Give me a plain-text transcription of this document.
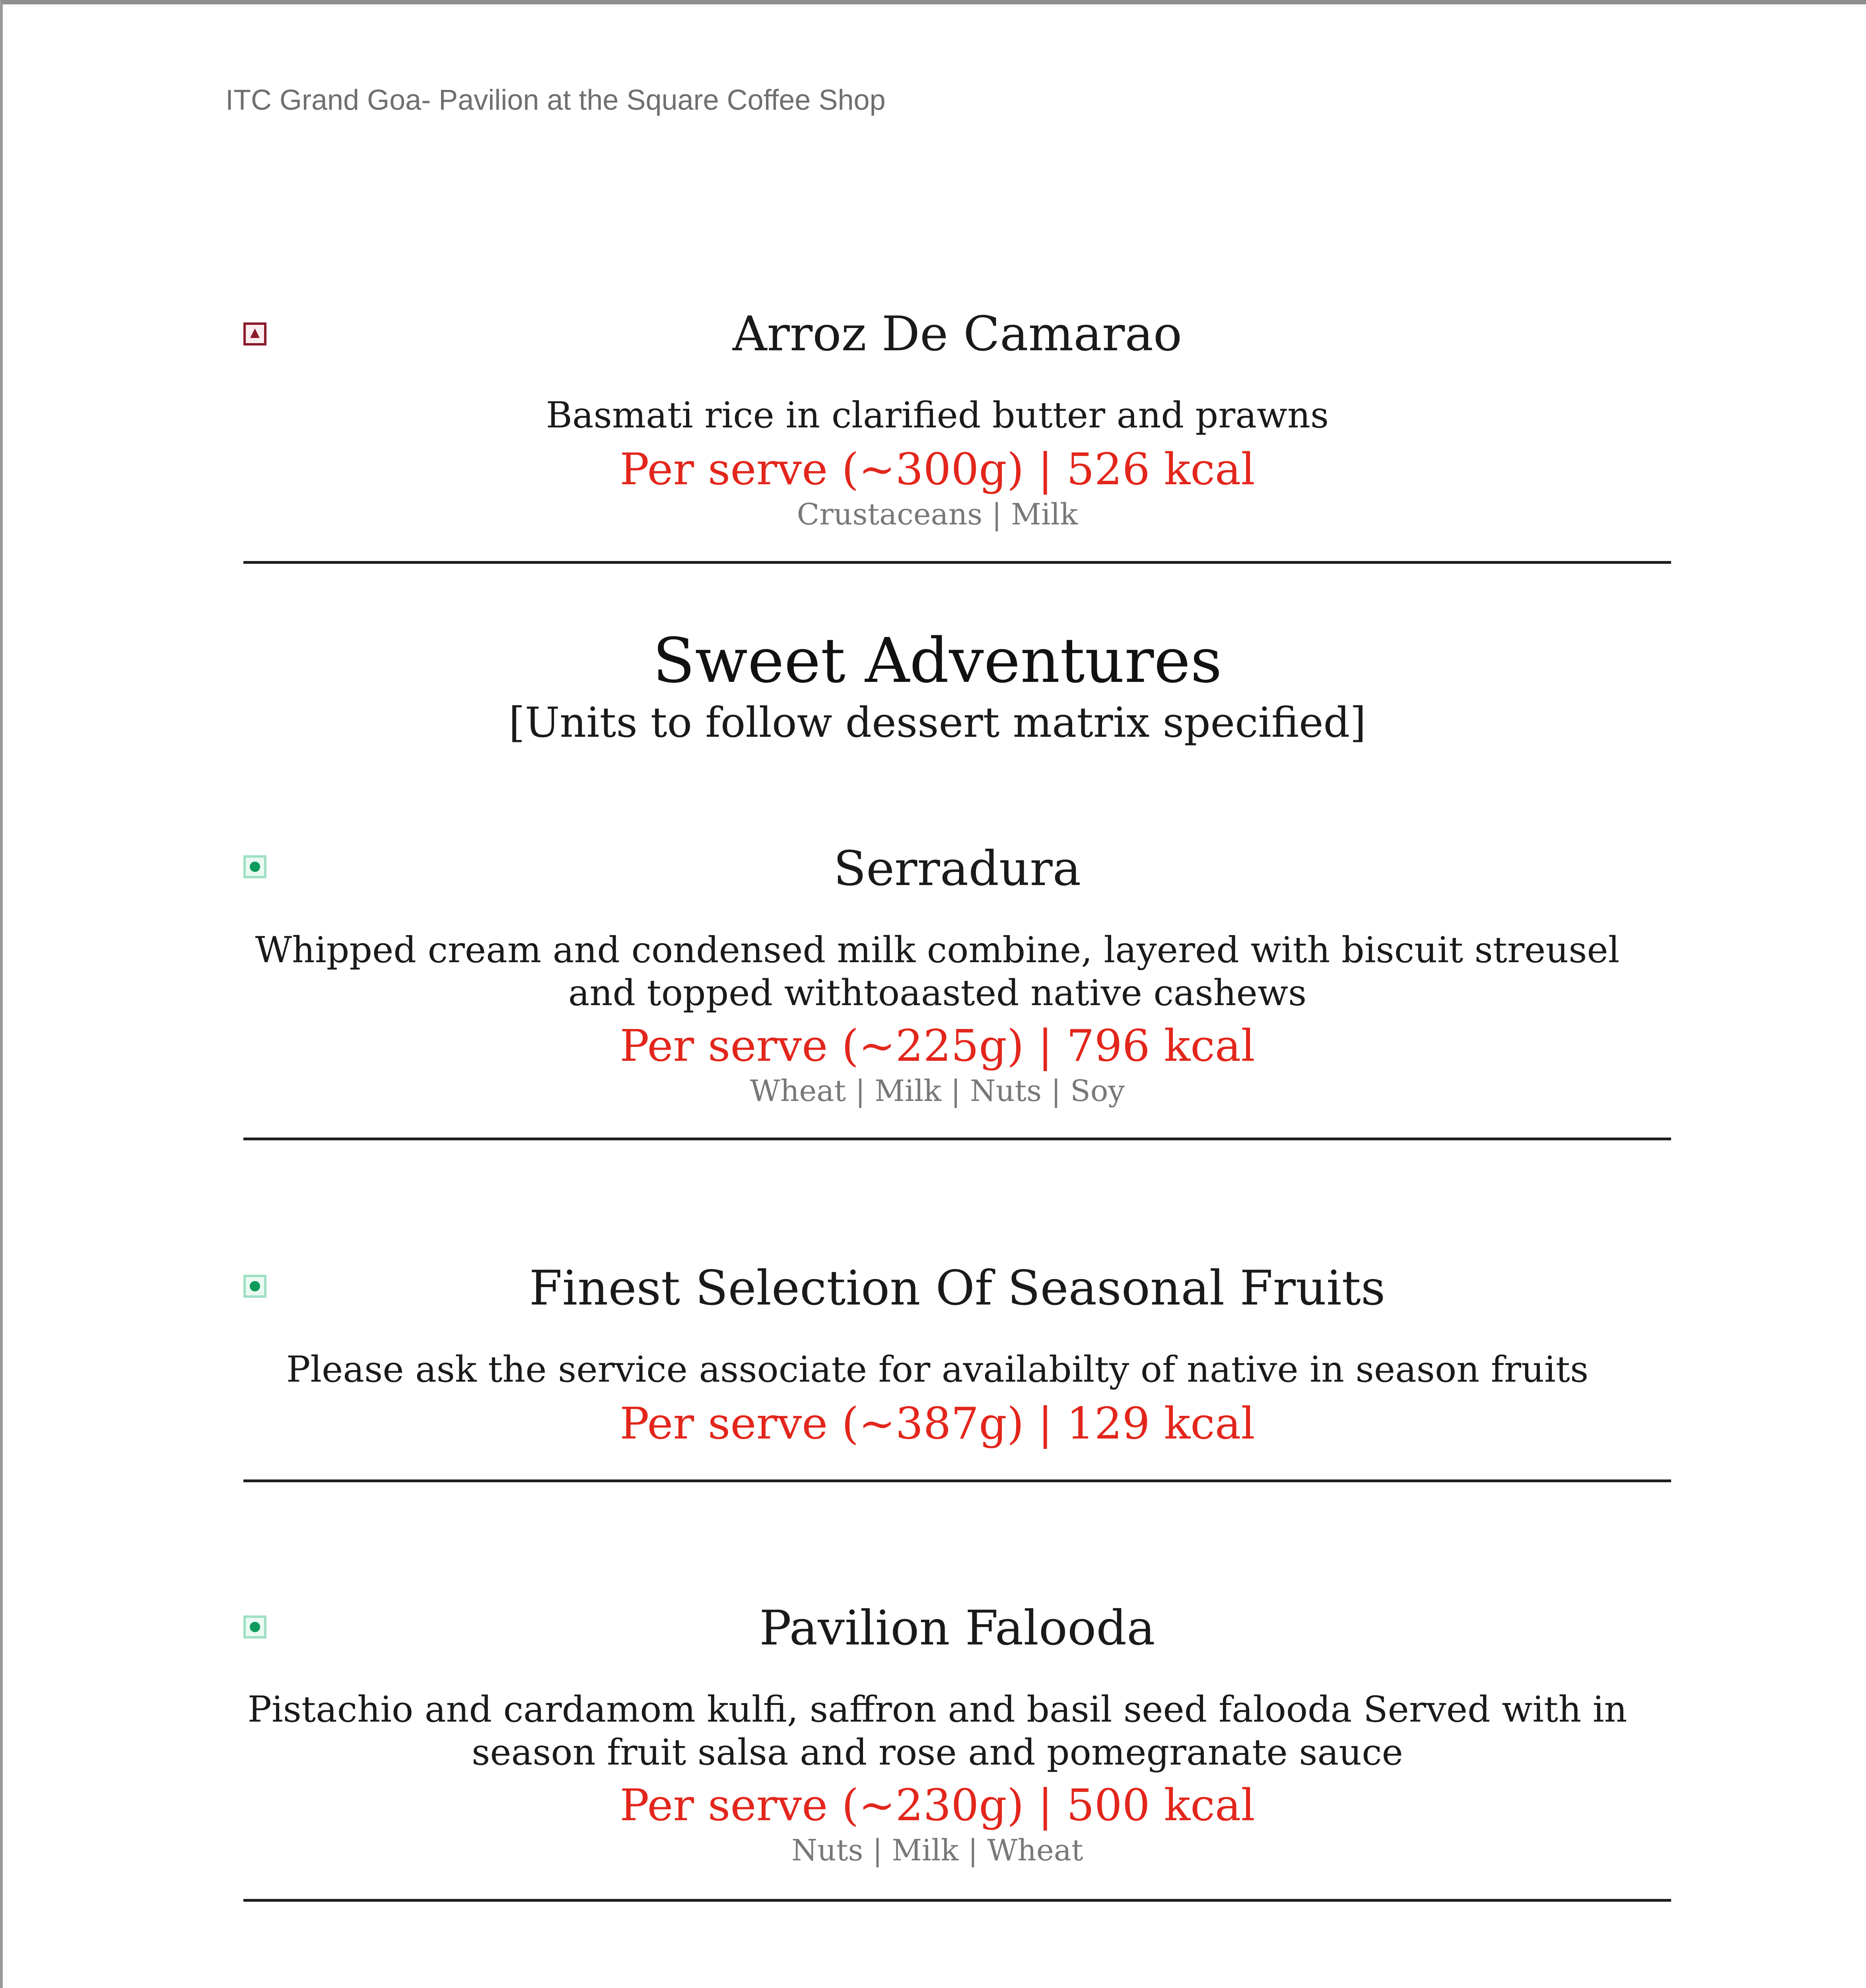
ITC Grand Goa- Pavilion at the Square Coffee Shop
Arroz De Camarao
Basmati rice in clarified butter and prawns
Per serve (~300g) | 526 kcal
Crustaceans | Milk
Sweet Adventures
[Units to follow dessert matrix specified]
Serradura
Whipped cream and condensed milk combine, layered with biscuit streusel and topped withtoaasted native cashews
Per serve (~225g) | 796 kcal
Wheat | Milk | Nuts | Soy
Finest Selection Of Seasonal Fruits
Please ask the service associate for availabilty of native in season fruits
Per serve (~387g) | 129 kcal
Pavilion Falooda
Pistachio and cardamom kulfi, saffron and basil seed falooda Served with in season fruit salsa and rose and pomegranate sauce
Per serve (~230g) | 500 kcal
Nuts | Milk | Wheat
